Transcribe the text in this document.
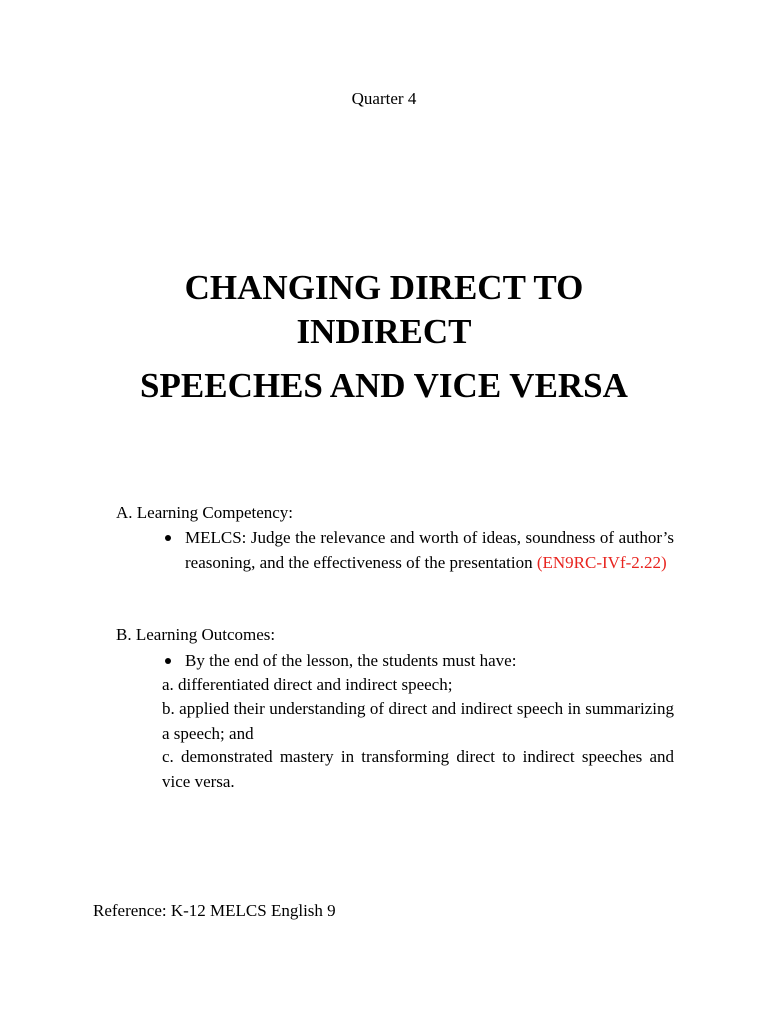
Quarter 4
CHANGING DIRECT TO
INDIRECT
SPEECHES AND VICE VERSA
A. Learning Competency:
MELCS: Judge the relevance and worth of ideas, soundness of author’s reasoning, and the effectiveness of the presentation (EN9RC-IVf-2.22)
B. Learning Outcomes:
By the end of the lesson, the students must have:
a. differentiated direct and indirect speech;
b. applied their understanding of direct and indirect speech in summarizing a speech; and
c. demonstrated mastery in transforming direct to indirect speeches and vice versa.
Reference: K-12 MELCS English 9
